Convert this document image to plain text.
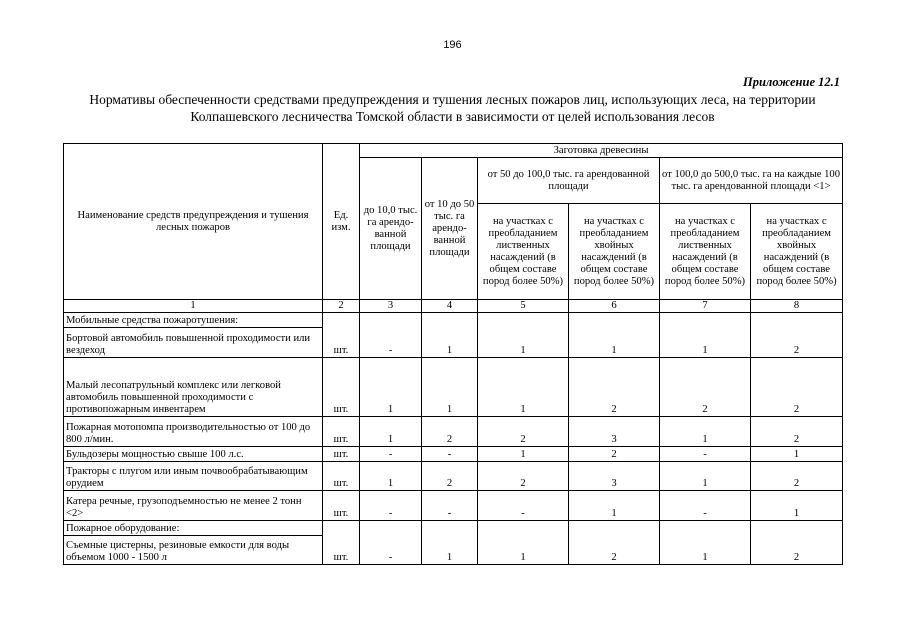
196
Приложение 12.1
Нормативы обеспеченности средствами предупреждения и тушения лесных пожаров лиц, использующих леса, на территории Колпашевского лесничества Томской области в зависимости от целей использования лесов
Наименование средств предупреждения и тушения лесных пожаров	Ед. изм.	Заготовка древесины					
		до 10,0 тыс. га арендо- ванной площади	от 10 до 50 тыс. га арендо- ванной площади	от 50 до 100,0 тыс. га арендованной площади		от 100,0 до 500,0 тыс. га на каждые 100 тыс. га арендованной площади <1>	
				на участках с преобладанием лиственных насаждений (в общем составе пород более 50%)	на участках с преобладанием хвойных насаждений (в общем составе пород более 50%)	на участках с преобладанием лиственных насаждений (в общем составе пород более 50%)	на участках с преобладанием хвойных насаждений (в общем составе пород более 50%)
1	2	3	4	5	6	7	8
Мобильные средства пожаротушения:							
Бортовой автомобиль повышенной проходимости или вездеход	шт.	-	1	1	1	1	2
Малый лесопатрульный комплекс или легковой автомобиль повышенной проходимости с противопожарным инвентарем	шт.	1	1	1	2	2	2
Пожарная мотопомпа производительностью от 100 до 800 л/мин.	шт.	1	2	2	3	1	2
Бульдозеры мощностью свыше 100 л.с.	шт.	-	-	1	2	-	1
Тракторы с плугом или иным почвообрабатывающим орудием	шт.	1	2	2	3	1	2
Катера речные, грузоподъемностью не менее 2 тонн <2>	шт.	-	-	-	1	-	1
Пожарное оборудование:							
Съемные цистерны, резиновые емкости для воды объемом 1000 - 1500 л	шт.	-	1	1	2	1	2
